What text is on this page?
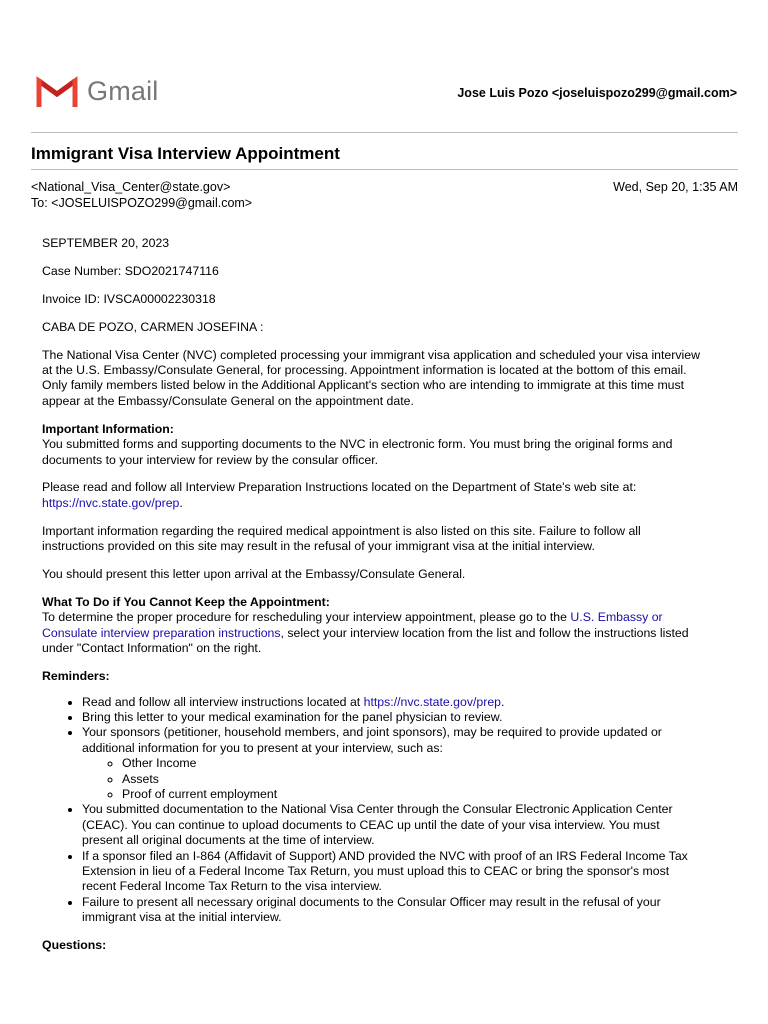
Gmail	Jose Luis Pozo <joseluispozo299@gmail.com>
Immigrant Visa Interview Appointment
<National_Visa_Center@state.gov>
To: <JOSELUISPOZO299@gmail.com>
Wed, Sep 20, 1:35 AM

SEPTEMBER 20, 2023

Case Number: SDO2021747116

Invoice ID: IVSCA00002230318

CABA DE POZO, CARMEN JOSEFINA :

The National Visa Center (NVC) completed processing your immigrant visa application and scheduled your visa interview at the U.S. Embassy/Consulate General, for processing. Appointment information is located at the bottom of this email. Only family members listed below in the Additional Applicant's section who are intending to immigrate at this time must appear at the Embassy/Consulate General on the appointment date.

Important Information:
You submitted forms and supporting documents to the NVC in electronic form. You must bring the original forms and documents to your interview for review by the consular officer.

Please read and follow all Interview Preparation Instructions located on the Department of State's web site at:
https://nvc.state.gov/prep.

Important information regarding the required medical appointment is also listed on this site. Failure to follow all instructions provided on this site may result in the refusal of your immigrant visa at the initial interview.

You should present this letter upon arrival at the Embassy/Consulate General.

What To Do if You Cannot Keep the Appointment:
To determine the proper procedure for rescheduling your interview appointment, please go to the U.S. Embassy or Consulate interview preparation instructions, select your interview location from the list and follow the instructions listed under "Contact Information" on the right.

Reminders:

• Read and follow all interview instructions located at https://nvc.state.gov/prep.
• Bring this letter to your medical examination for the panel physician to review.
• Your sponsors (petitioner, household members, and joint sponsors), may be required to provide updated or additional information for you to present at your interview, such as:
◦ Other Income
◦ Assets
◦ Proof of current employment
• You submitted documentation to the National Visa Center through the Consular Electronic Application Center (CEAC). You can continue to upload documents to CEAC up until the date of your visa interview. You must present all original documents at the time of interview.
• If a sponsor filed an I-864 (Affidavit of Support) AND provided the NVC with proof of an IRS Federal Income Tax Extension in lieu of a Federal Income Tax Return, you must upload this to CEAC or bring the sponsor's most recent Federal Income Tax Return to the visa interview.
• Failure to present all necessary original documents to the Consular Officer may result in the refusal of your immigrant visa at the initial interview.

Questions:
